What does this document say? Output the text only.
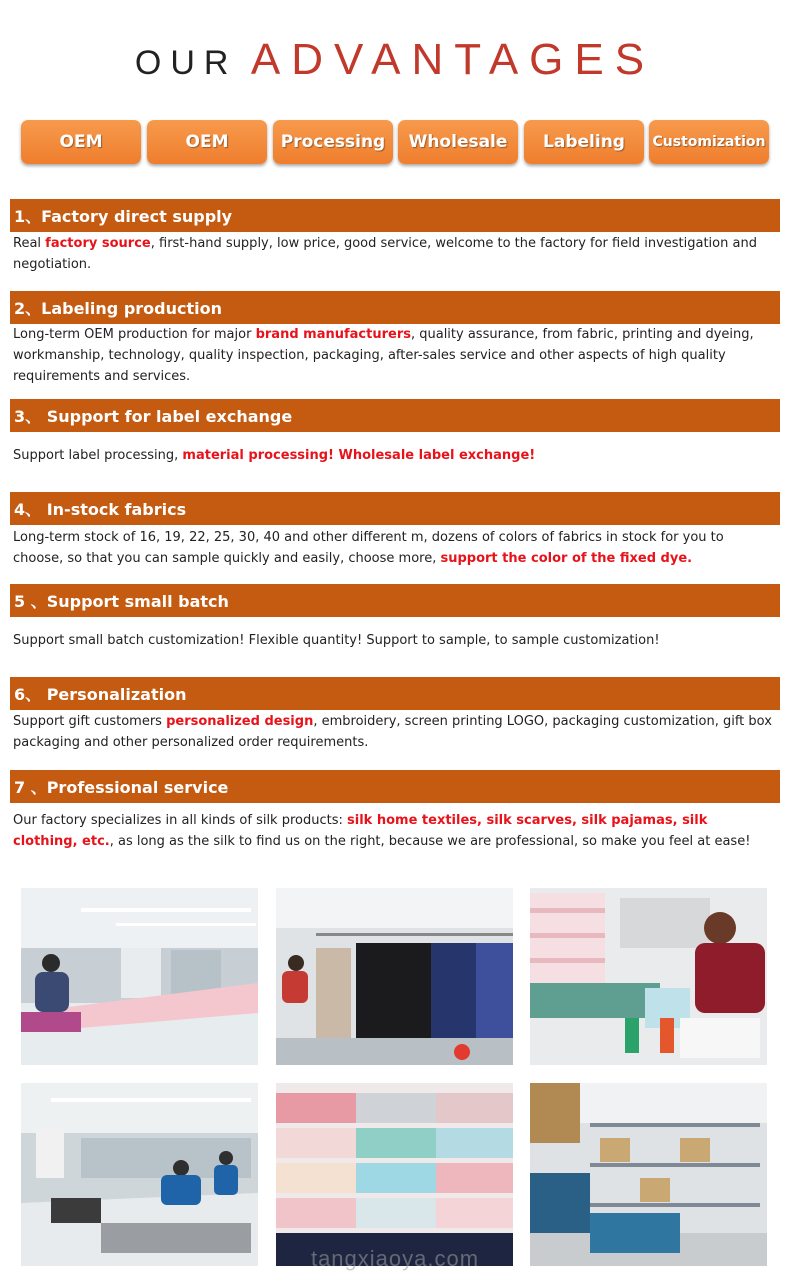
OUR ADVANTAGES
OEM	OEM	Processing	Wholesale	Labeling	Customization
1、Factory direct supply
Real factory source, first-hand supply, low price, good service, welcome to the factory for field investigation and negotiation.
2、Labeling production
Long-term OEM production for major brand manufacturers, quality assurance, from fabric, printing and dyeing, workmanship, technology, quality inspection, packaging, after-sales service and other aspects of high quality requirements and services.
3、 Support for label exchange
Support label processing, material processing! Wholesale label exchange!
4、 In-stock fabrics
Long-term stock of 16, 19, 22, 25, 30, 40 and other different m, dozens of colors of fabrics in stock for you to choose, so that you can sample quickly and easily, choose more, support the color of the fixed dye.
5 、Support small batch
Support small batch customization! Flexible quantity! Support to sample, to sample customization!
6、 Personalization
Support gift customers personalized design, embroidery, screen printing LOGO, packaging customization, gift box packaging and other personalized order requirements.
7 、Professional service
Our factory specializes in all kinds of silk products: silk home textiles, silk scarves, silk pajamas, silk clothing, etc., as long as the silk to find us on the right, because we are professional, so make you feel at ease!
tangxiaoya.com
